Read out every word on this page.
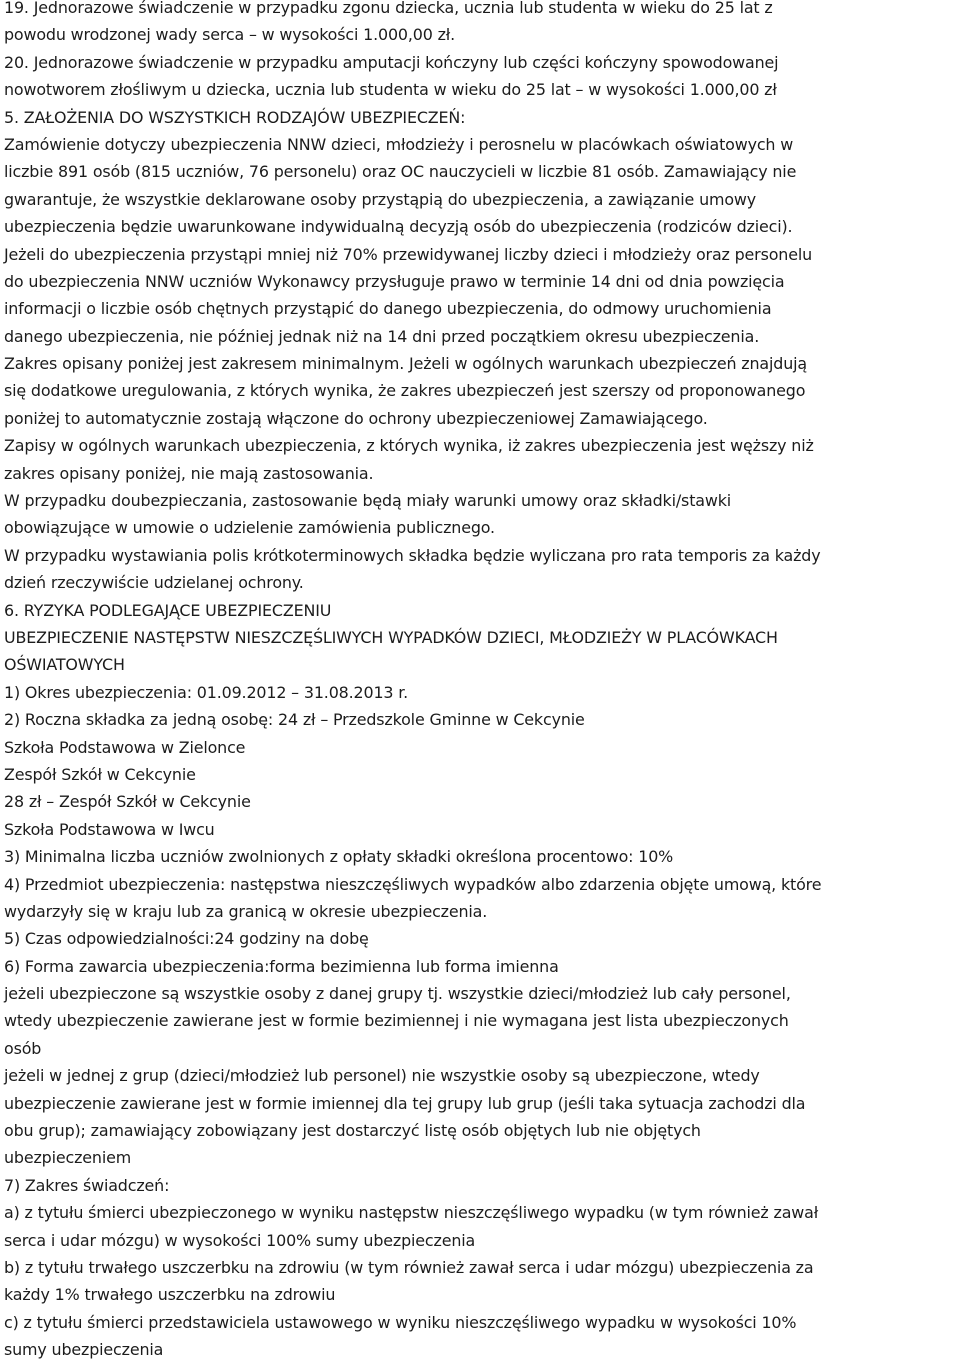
19. Jednorazowe świadczenie w przypadku zgonu dziecka, ucznia lub studenta w wieku do 25 lat z
powodu wrodzonej wady serca – w wysokości 1.000,00 zł.
20. Jednorazowe świadczenie w przypadku amputacji kończyny lub części kończyny spowodowanej
nowotworem złośliwym u dziecka, ucznia lub studenta w wieku do 25 lat – w wysokości 1.000,00 zł
5. ZAŁOŻENIA DO WSZYSTKICH RODZAJÓW UBEZPIECZEŃ:
Zamówienie dotyczy ubezpieczenia NNW dzieci, młodzieży i perosnelu w placówkach oświatowych w
liczbie 891 osób (815 uczniów, 76 personelu) oraz OC nauczycieli w liczbie 81 osób. Zamawiający nie
gwarantuje, że wszystkie deklarowane osoby przystąpią do ubezpieczenia, a zawiązanie umowy
ubezpieczenia będzie uwarunkowane indywidualną decyzją osób do ubezpieczenia (rodziców dzieci).
Jeżeli do ubezpieczenia przystąpi mniej niż 70% przewidywanej liczby dzieci i młodzieży oraz personelu
do ubezpieczenia NNW uczniów Wykonawcy przysługuje prawo w terminie 14 dni od dnia powzięcia
informacji o liczbie osób chętnych przystąpić do danego ubezpieczenia, do odmowy uruchomienia
danego ubezpieczenia, nie później jednak niż na 14 dni przed początkiem okresu ubezpieczenia.
Zakres opisany poniżej jest zakresem minimalnym. Jeżeli w ogólnych warunkach ubezpieczeń znajdują
się dodatkowe uregulowania, z których wynika, że zakres ubezpieczeń jest szerszy od proponowanego
poniżej to automatycznie zostają włączone do ochrony ubezpieczeniowej Zamawiającego.
Zapisy w ogólnych warunkach ubezpieczenia, z których wynika, iż zakres ubezpieczenia jest węższy niż
zakres opisany poniżej, nie mają zastosowania.
W przypadku doubezpieczania, zastosowanie będą miały warunki umowy oraz składki/stawki
obowiązujące w umowie o udzielenie zamówienia publicznego.
W przypadku wystawiania polis krótkoterminowych składka będzie wyliczana pro rata temporis za każdy
dzień rzeczywiście udzielanej ochrony.
6. RYZYKA PODLEGAJĄCE UBEZPIECZENIU
UBEZPIECZENIE NASTĘPSTW NIESZCZĘŚLIWYCH WYPADKÓW DZIECI, MŁODZIEŻY W PLACÓWKACH
OŚWIATOWYCH
1) Okres ubezpieczenia: 01.09.2012 – 31.08.2013 r.
2) Roczna składka za jedną osobę: 24 zł – Przedszkole Gminne w Cekcynie
Szkoła Podstawowa w Zielonce
Zespół Szkół w Cekcynie
28 zł – Zespół Szkół w Cekcynie
Szkoła Podstawowa w Iwcu
3) Minimalna liczba uczniów zwolnionych z opłaty składki określona procentowo: 10%
4) Przedmiot ubezpieczenia: następstwa nieszczęśliwych wypadków albo zdarzenia objęte umową, które
wydarzyły się w kraju lub za granicą w okresie ubezpieczenia.
5) Czas odpowiedzialności:24 godziny na dobę
6) Forma zawarcia ubezpieczenia:forma bezimienna lub forma imienna
jeżeli ubezpieczone są wszystkie osoby z danej grupy tj. wszystkie dzieci/młodzież lub cały personel,
wtedy ubezpieczenie zawierane jest w formie bezimiennej i nie wymagana jest lista ubezpieczonych
osób
jeżeli w jednej z grup (dzieci/młodzież lub personel) nie wszystkie osoby są ubezpieczone, wtedy
ubezpieczenie zawierane jest w formie imiennej dla tej grupy lub grup (jeśli taka sytuacja zachodzi dla
obu grup); zamawiający zobowiązany jest dostarczyć listę osób objętych lub nie objętych
ubezpieczeniem
7) Zakres świadczeń:
a) z tytułu śmierci ubezpieczonego w wyniku następstw nieszczęśliwego wypadku (w tym również zawał
serca i udar mózgu) w wysokości 100% sumy ubezpieczenia
b) z tytułu trwałego uszczerbku na zdrowiu (w tym również zawał serca i udar mózgu) ubezpieczenia za
każdy 1% trwałego uszczerbku na zdrowiu
c) z tytułu śmierci przedstawiciela ustawowego w wyniku nieszczęśliwego wypadku w wysokości 10%
sumy ubezpieczenia
